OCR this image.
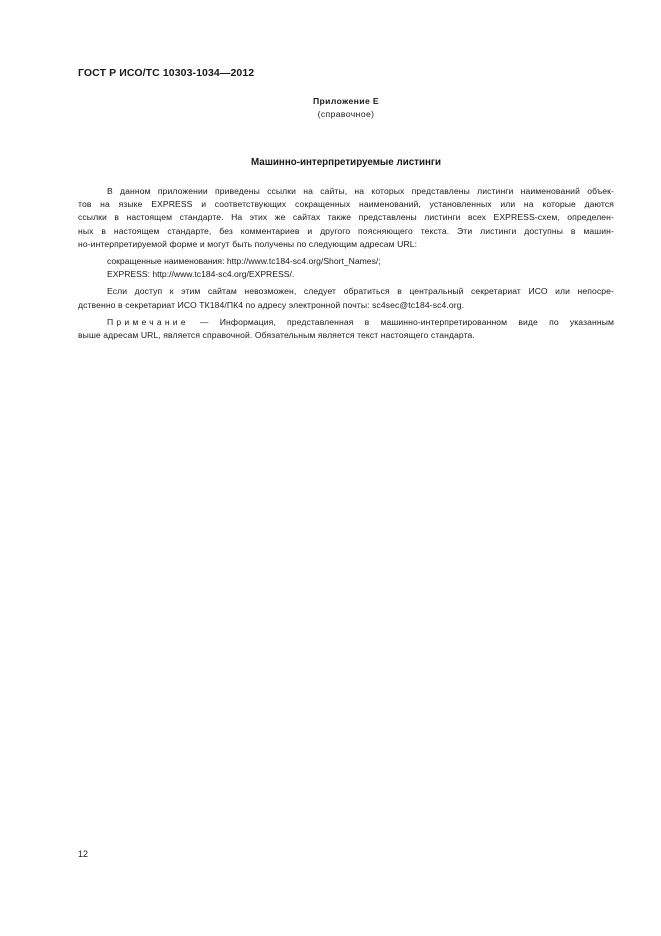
ГОСТ Р ИСО/ТС 10303-1034—2012
Приложение Е
(справочное)
Машинно-интерпретируемые листинги
В данном приложении приведены ссылки на сайты, на которых представлены листинги наименований объек-
тов на языке EXPRESS и соответствующих сокращенных наименований, установленных или на которые даются
ссылки в настоящем стандарте. На этих же сайтах также представлены листинги всех EXPRESS-схем, определен-
ных в настоящем стандарте, без комментариев и другого поясняющего текста. Эти листинги доступны в машин-
но-интерпретируемой форме и могут быть получены по следующим адресам URL:
сокращенные наименования: http://www.tc184-sc4.org/Short_Names/;
EXPRESS: http://www.tc184-sc4.org/EXPRESS/.
Если доступ к этим сайтам невозможен, следует обратиться в центральный секретариат ИСО или непосре-
дственно в секретариат ИСО ТК184/ПК4 по адресу электронной почты: sc4sec@tc184-sc4.org.
Примечание — Информация, представленная в машинно-интерпретированном виде по указанным
выше адресам URL, является справочной. Обязательным является текст настоящего стандарта.
12
